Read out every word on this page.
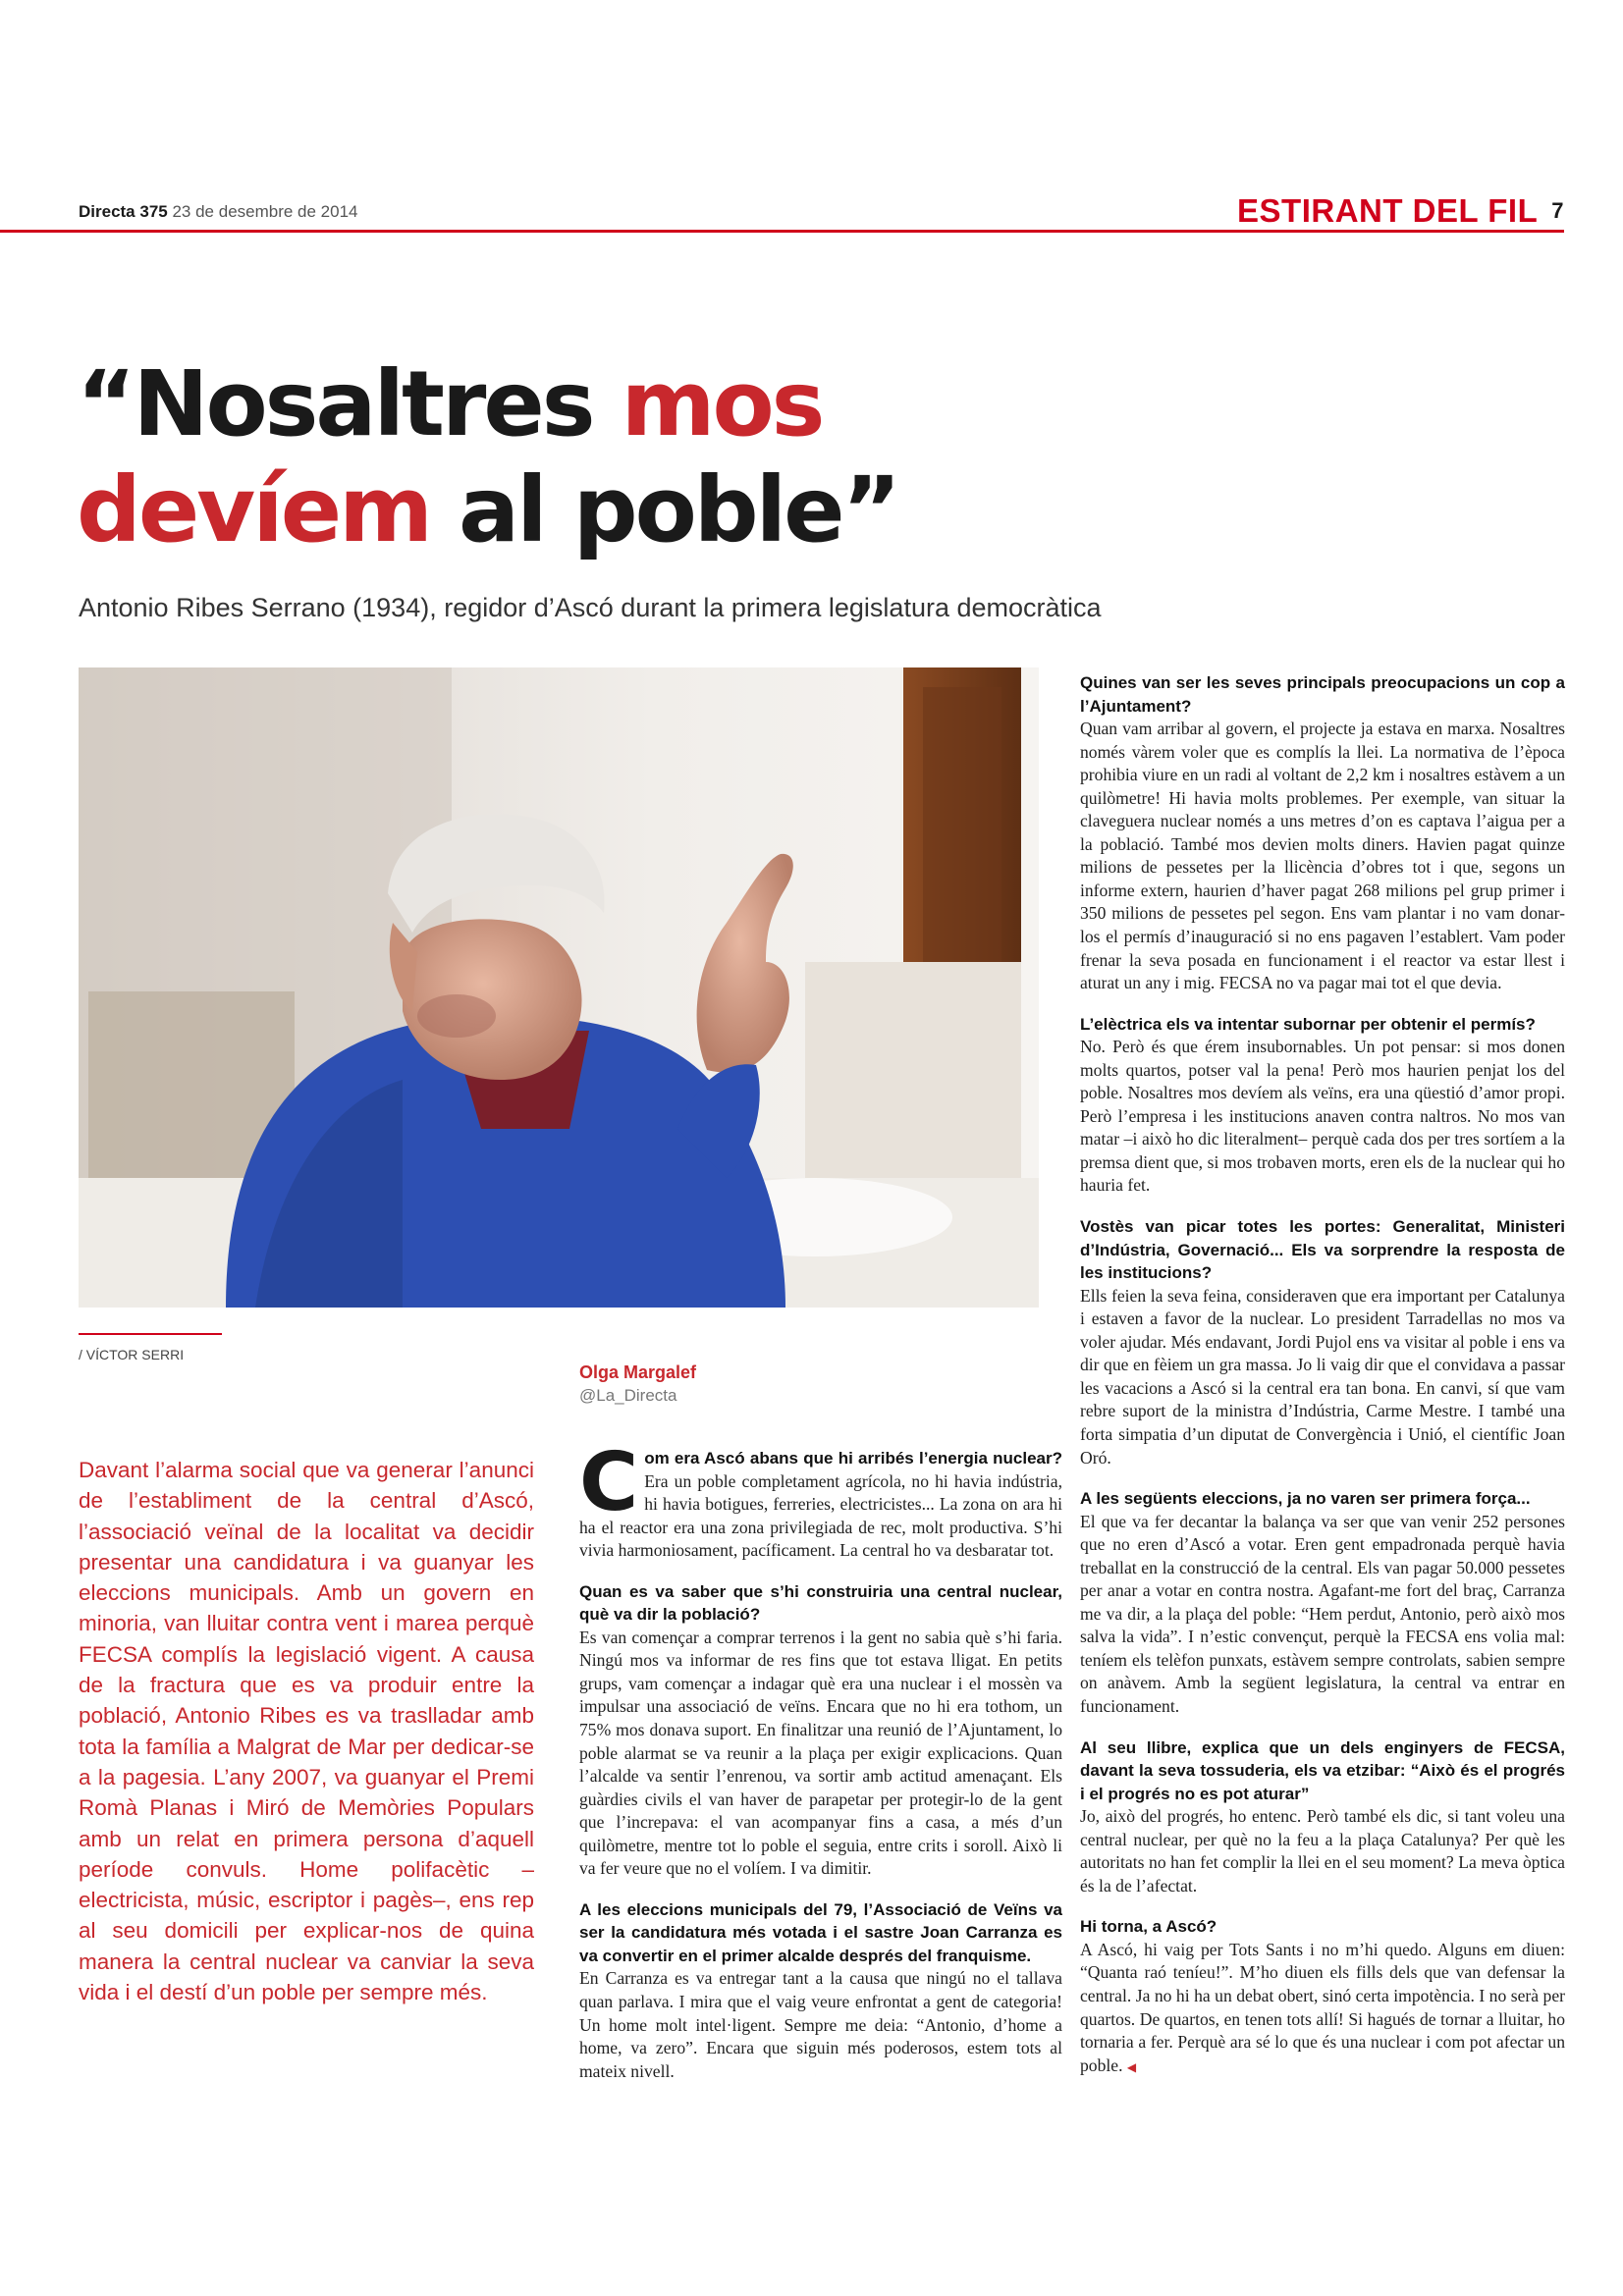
Directa 375 23 de desembre de 2014	ESTIRANT DEL FIL 7
“Nosaltres mos
devíem al poble”
Antonio Ribes Serrano (1934), regidor d’Ascó durant la primera legislatura democràtica
/ VÍCTOR SERRI
Olga Margalef
@La_Directa
Davant l’alarma social que va generar l’anunci de l’establiment de la central d’Ascó, l’associació veïnal de la localitat va decidir presentar una candidatura i va guanyar les eleccions municipals. Amb un govern en minoria, van lluitar contra vent i marea perquè FECSA complís la legislació vigent. A causa de la fractura que es va produir entre la població, Antonio Ribes es va traslladar amb tota la família a Malgrat de Mar per dedicar-se a la pagesia. L’any 2007, va guanyar el Premi Romà Planas i Miró de Memòries Populars amb un relat en primera persona d’aquell període convuls. Home polifacètic –electricista, músic, escriptor i pagès–, ens rep al seu domicili per explicar-nos de quina manera la central nuclear va canviar la seva vida i el destí d’un poble per sempre més.

Com era Ascó abans que hi arribés l’energia nuclear? Era un poble completament agrícola, no hi havia indústria, hi havia botigues, ferreries, electricistes... La zona on ara hi ha el reactor era una zona privilegiada de rec, molt productiva. S’hi vivia harmoniosament, pacíficament. La central ho va desbaratar tot.

Quan es va saber que s’hi construiria una central nuclear, què va dir la població?

Es van començar a comprar terrenos i la gent no sabia què s’hi faria. Ningú mos va informar de res fins que tot estava lligat. En petits grups, vam començar a indagar què era una nuclear i el mossèn va impulsar una associació de veïns. Encara que no hi era tothom, un 75% mos donava suport. En finalitzar una reunió de l’Ajuntament, lo poble alarmat se va reunir a la plaça per exigir explicacions. Quan l’alcalde va sentir l’enrenou, va sortir amb actitud amenaçant. Els guàrdies civils el van haver de parapetar per protegir-lo de la gent que l’increpava: el van acompanyar fins a casa, a més d’un quilòmetre, mentre tot lo poble el seguia, entre crits i soroll. Això li va fer veure que no el volíem. I va dimitir.

A les eleccions municipals del 79, l’Associació de Veïns va ser la candidatura més votada i el sastre Joan Carranza es va convertir en el primer alcalde després del franquisme.

En Carranza es va entregar tant a la causa que ningú no el tallava quan parlava. I mira que el vaig veure enfrontat a gent de categoria! Un home molt intel·ligent. Sempre me deia: “Antonio, d’home a home, va zero”. Encara que siguin més poderosos, estem tots al mateix nivell.

Quines van ser les seves principals preocupacions un cop a l’Ajuntament?

Quan vam arribar al govern, el projecte ja estava en marxa. Nosaltres només vàrem voler que es complís la llei. La normativa de l’època prohibia viure en un radi al voltant de 2,2 km i nosaltres estàvem a un quilòmetre! Hi havia molts problemes. Per exemple, van situar la claveguera nuclear només a uns metres d’on es captava l’aigua per a la població. També mos devien molts diners. Havien pagat quinze milions de pessetes per la llicència d’obres tot i que, segons un informe extern, haurien d’haver pagat 268 milions pel grup primer i 350 milions de pessetes pel segon. Ens vam plantar i no vam donar-los el permís d’inauguració si no ens pagaven l’establert. Vam poder frenar la seva posada en funcionament i el reactor va estar llest i aturat un any i mig. FECSA no va pagar mai tot el que devia.

L’elèctrica els va intentar subornar per obtenir el permís?

No. Però és que érem insubornables. Un pot pensar: si mos donen molts quartos, potser val la pena! Però mos haurien penjat los del poble. Nosaltres mos devíem als veïns, era una qüestió d’amor propi. Però l’empresa i les institucions anaven contra naltros. No mos van matar –i això ho dic literalment– perquè cada dos per tres sortíem a la premsa dient que, si mos trobaven morts, eren els de la nuclear qui ho hauria fet.

Vostès van picar totes les portes: Generalitat, Ministeri d’Indústria, Governació... Els va sorprendre la resposta de les institucions?

Ells feien la seva feina, consideraven que era important per Catalunya i estaven a favor de la nuclear. Lo president Tarradellas no mos va voler ajudar. Més endavant, Jordi Pujol ens va visitar al poble i ens va dir que en fèiem un gra massa. Jo li vaig dir que el convidava a passar les vacacions a Ascó si la central era tan bona. En canvi, sí que vam rebre suport de la ministra d’Indústria, Carme Mestre. I també una forta simpatia d’un diputat de Convergència i Unió, el científic Joan Oró.

A les següents eleccions, ja no varen ser primera força...

El que va fer decantar la balança va ser que van venir 252 persones que no eren d’Ascó a votar. Eren gent empadronada perquè havia treballat en la construcció de la central. Els van pagar 50.000 pessetes per anar a votar en contra nostra. Agafant-me fort del braç, Carranza me va dir, a la plaça del poble: “Hem perdut, Antonio, però això mos salva la vida”. I n’estic convençut, perquè la FECSA ens volia mal: teníem els telèfon punxats, estàvem sempre controlats, sabien sempre on anàvem. Amb la següent legislatura, la central va entrar en funcionament.

Al seu llibre, explica que un dels enginyers de FECSA, davant la seva tossuderia, els va etzibar: “Això és el progrés i el progrés no es pot aturar”

Jo, això del progrés, ho entenc. Però també els dic, si tant voleu una central nuclear, per què no la feu a la plaça Catalunya? Per què les autoritats no han fet complir la llei en el seu moment? La meva òptica és la de l’afectat.

Hi torna, a Ascó?

A Ascó, hi vaig per Tots Sants i no m’hi quedo. Alguns em diuen: “Quanta raó teníeu!”. M’ho diuen els fills dels que van defensar la central. Ja no hi ha un debat obert, sinó certa impotència. I no serà per quartos. De quartos, en tenen tots allí! Si hagués de tornar a lluitar, ho tornaria a fer. Perquè ara sé lo que és una nuclear i com pot afectar un poble. ◀
